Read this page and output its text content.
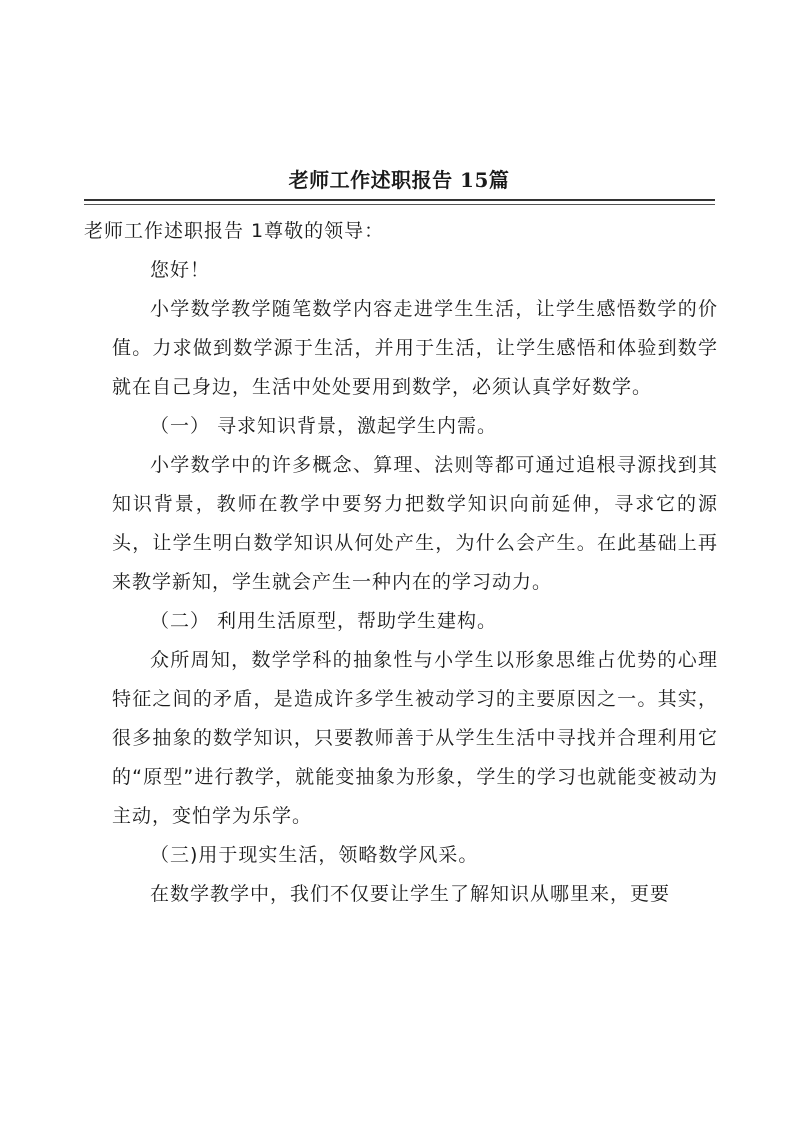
老师工作述职报告 15篇

老师工作述职报告 1尊敬的领导：

您好！

小学数学教学随笔数学内容走进学生生活，让学生感悟数学的价值。力求做到数学源于生活，并用于生活，让学生感悟和体验到数学就在自己身边，生活中处处要用到数学，必须认真学好数学。

（一） 寻求知识背景，激起学生内需。

小学数学中的许多概念、算理、法则等都可通过追根寻源找到其知识背景，教师在教学中要努力把数学知识向前延伸，寻求它的源头，让学生明白数学知识从何处产生，为什么会产生。在此基础上再来教学新知，学生就会产生一种内在的学习动力。

（二） 利用生活原型，帮助学生建构。

众所周知，数学学科的抽象性与小学生以形象思维占优势的心理特征之间的矛盾，是造成许多学生被动学习的主要原因之一。其实，很多抽象的数学知识，只要教师善于从学生生活中寻找并合理利用它的“原型”进行教学，就能变抽象为形象，学生的学习也就能变被动为主动，变怕学为乐学。

（三)用于现实生活，领略数学风采。

在数学教学中，我们不仅要让学生了解知识从哪里来，更要
